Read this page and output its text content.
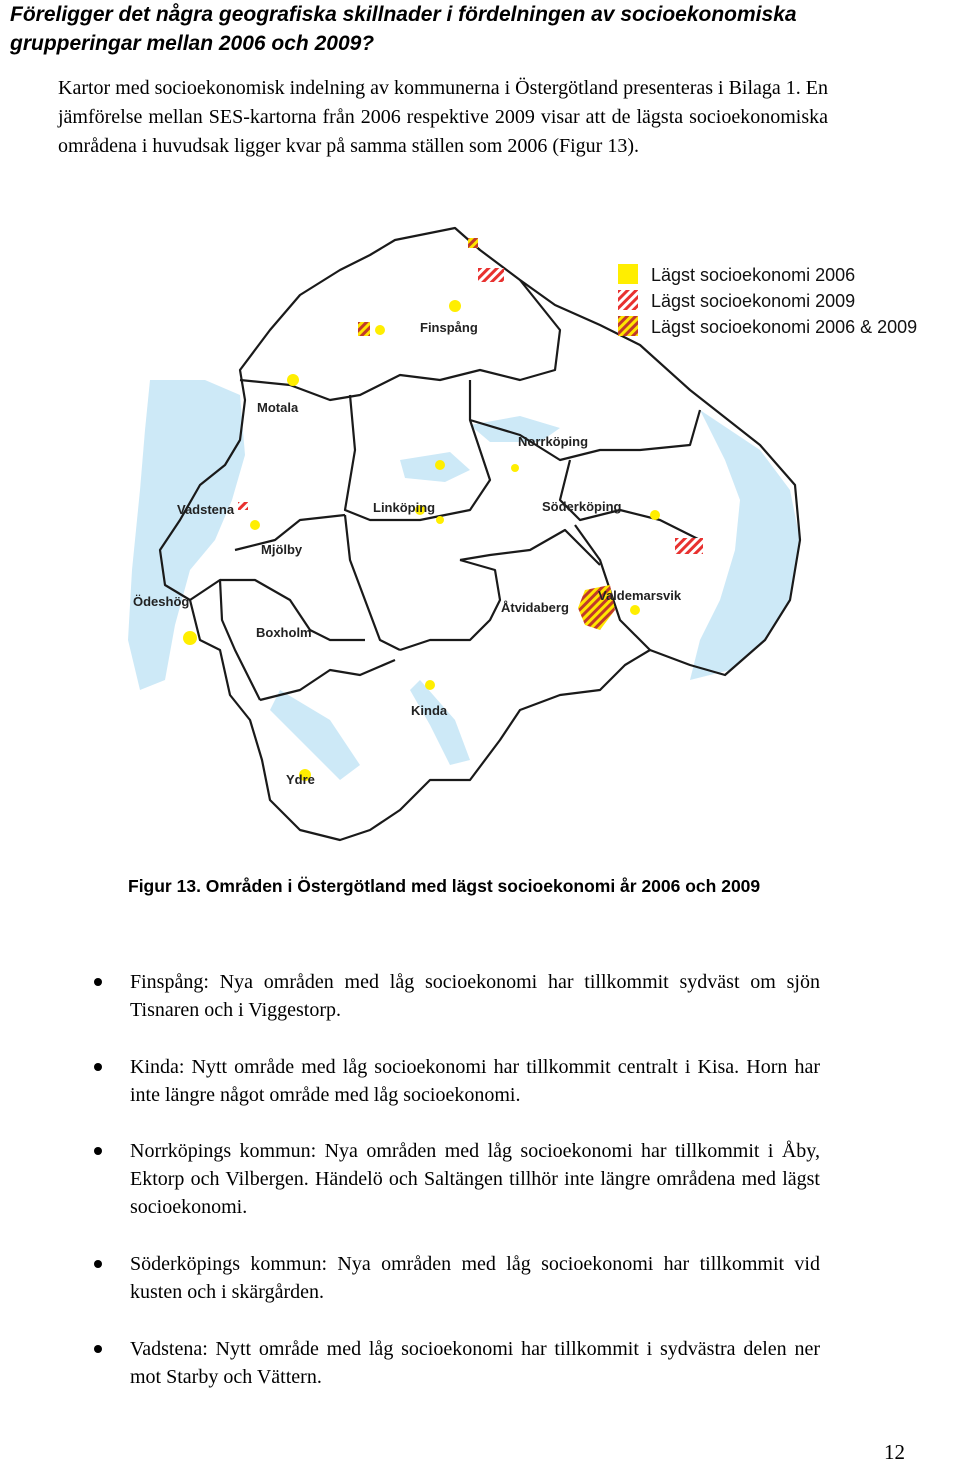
Föreligger det några geografiska skillnader i fördelningen av socioekonomiska grupperingar mellan 2006 och 2009?
Kartor med socioekonomisk indelning av kommunerna i Östergötland presenteras i Bilaga 1. En jämförelse mellan SES-kartorna från 2006 respektive 2009 visar att de lägsta socioekonomiska områdena i huvudsak ligger kvar på samma ställen som 2006 (Figur 13).
Finspång
Motala
Norrköping
Vadstena	Linköping	Söderköping
Mjölby
Ödeshög	Åtvidaberg
Valdemarsvik
Boxholm
Kinda
Ydre
Lägst socioekonomi 2006
Lägst socioekonomi 2009
Lägst socioekonomi 2006 & 2009
Figur 13. Områden i Östergötland med lägst socioekonomi år 2006 och 2009
Finspång: Nya områden med låg socioekonomi har tillkommit sydväst om sjön Tisnaren och i Viggestorp.
Kinda: Nytt område med låg socioekonomi har tillkommit centralt i Kisa. Horn har inte längre något område med låg socioekonomi.
Norrköpings kommun: Nya områden med låg socioekonomi har tillkommit i Åby, Ektorp och Vilbergen. Händelö och Saltängen tillhör inte längre områdena med lägst socioekonomi.
Söderköpings kommun: Nya områden med låg socioekonomi har tillkommit vid kusten och i skärgården.
Vadstena: Nytt område med låg socioekonomi har tillkommit i sydvästra delen ner mot Starby och Vättern.
12
